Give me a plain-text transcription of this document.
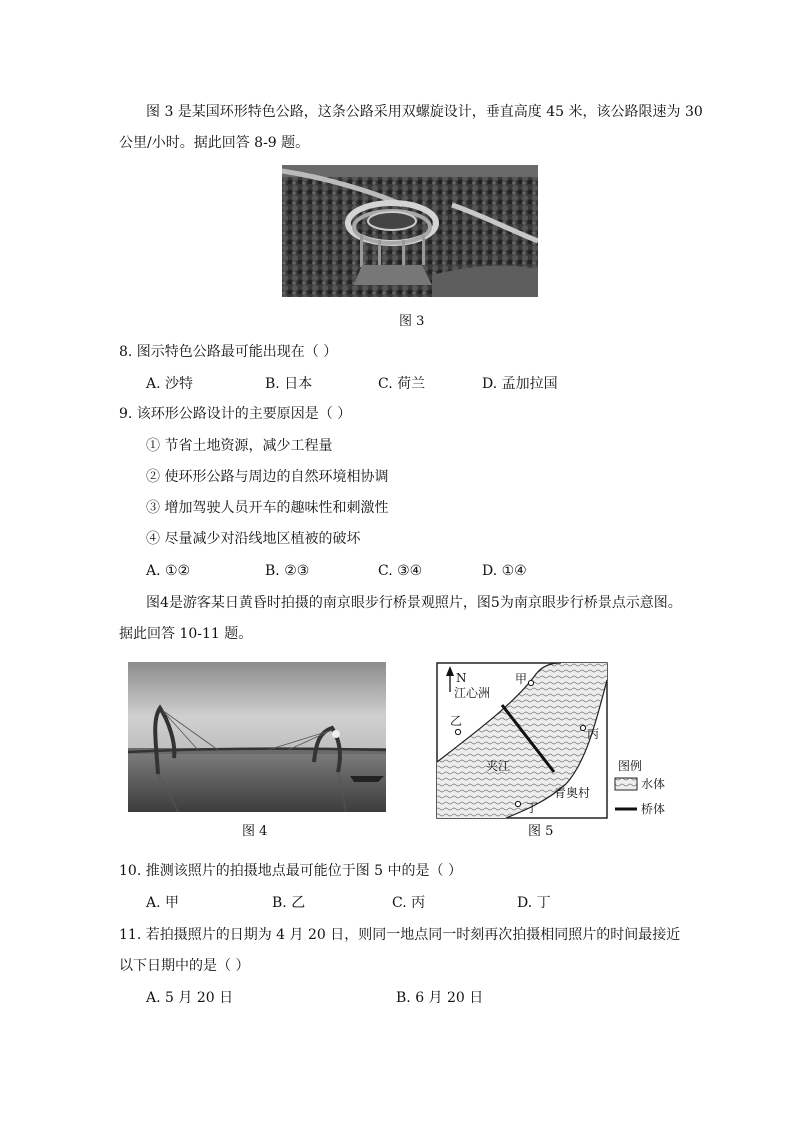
图 3 是某国环形特色公路，这条公路采用双螺旋设计，垂直高度 45 米，该公路限速为 30
公里/小时。据此回答 8-9 题。
图 3
8. 图示特色公路最可能出现在（ ）
A. 沙特	B. 日本	C. 荷兰	D. 孟加拉国
9. 该环形公路设计的主要原因是（ ）
① 节省土地资源，减少工程量
② 使环形公路与周边的自然环境相协调
③ 增加驾驶人员开车的趣味性和刺激性
④ 尽量减少对沿线地区植被的破坏
A. ①②	B. ②③	C. ③④	D. ①④
图4是游客某日黄昏时拍摄的南京眼步行桥景观照片，图5为南京眼步行桥景点示意图。
据此回答 10-11 题。
图 4
N
江心洲
甲
乙
丙
夹江
青奥村
丁
图例
水体
桥体
图 5
10. 推测该照片的拍摄地点最可能位于图 5 中的是（ ）
A. 甲	B. 乙	C. 丙	D. 丁
11. 若拍摄照片的日期为 4 月 20 日，则同一地点同一时刻再次拍摄相同照片的时间最接近
以下日期中的是（ ）
A. 5 月 20 日	B. 6 月 20 日
